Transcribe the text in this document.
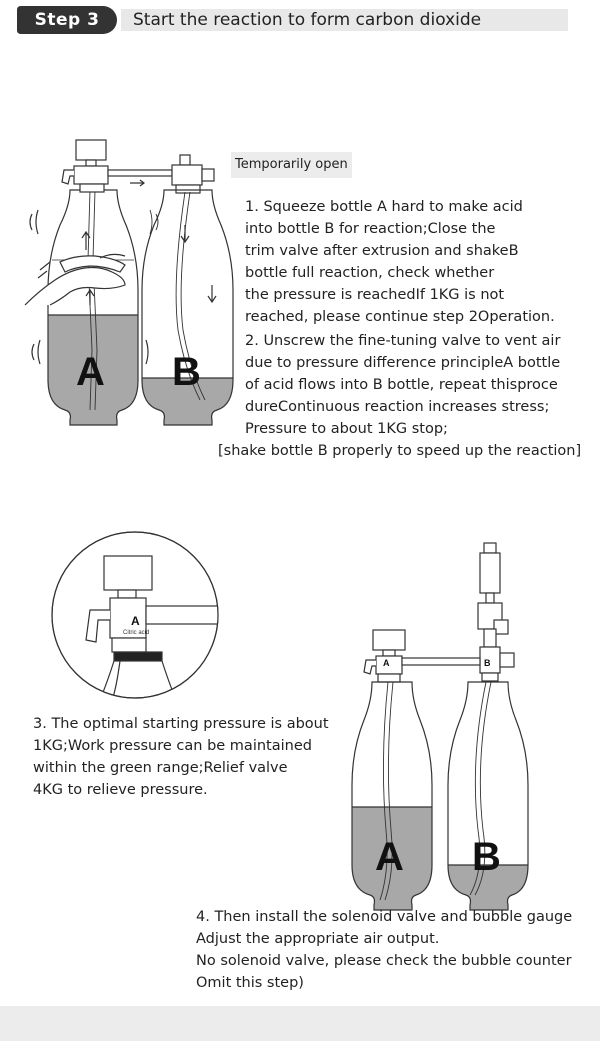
Step 3	Start the reaction to form carbon dioxide
A B
A
Citric acid
A	B
A B
Temporarily open
1. Squeeze bottle A hard to make acid
into bottle B for reaction;Close the
trim valve after extrusion and shakeB
bottle full reaction, check whether
the pressure is reachedIf 1KG is not
reached, please continue step 2Operation.
2. Unscrew the fine-tuning valve to vent air
due to pressure difference principleA bottle
of acid flows into B bottle, repeat thisproce
dureContinuous reaction increases stress;
Pressure to about 1KG stop;
[shake bottle B properly to speed up the reaction]
3. The optimal starting pressure is about
1KG;Work pressure can be maintained
within the green range;Relief valve
4KG to relieve pressure.
4. Then install the solenoid valve and bubble gauge
Adjust the appropriate air output.
No solenoid valve, please check the bubble counter
Omit this step)
